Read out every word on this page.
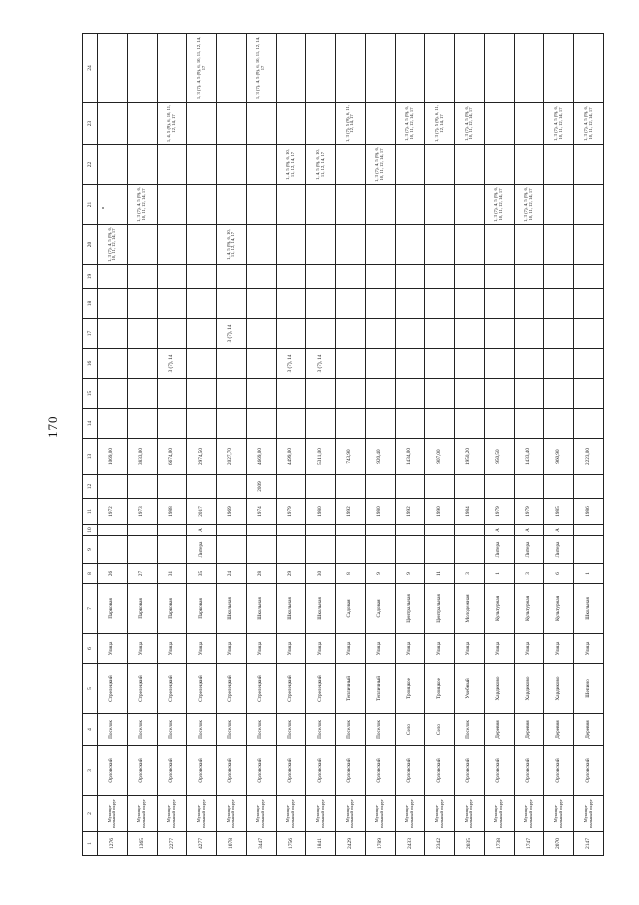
170
1	2	3	4	5	6	7	8	9	10	11	12	13	14	15	16	17	18	19	20	21	22	23	24
1276	Муници-пальный округ	Орловский	Поселок	Стрелецкий	Улица	Парковая	26			1972		1069,00							1, 3 (7), 4, 5 (9), 6, 10, 11, 12, 14, 17				
1365	Муници-пальный округ	Орловский	Поселок	Стрелецкий	Улица	Парковая	27			1973		3833,00								1, 3 (7), 4, 5 (9), 6, 10, 11, 12, 14, 17			
2277	Муници-пальный округ	Орловский	Поселок	Стрелецкий	Улица	Парковая	31			1988		6674,00			3 (7), 14							1, 4, 5 (9), 6, 10, 11, 12, 14, 17	
4277	Муници-пальный округ	Орловский	Поселок	Стрелецкий	Улица	Парковая	35	Литера	А	2017		2974,50											1, 3 (7), 4, 5 (9), 6, 10, 11, 12, 14, 17
1078	Муници-пальный округ	Орловский	Поселок	Стрелецкий	Улица	Школьная	24			1969		2027,70				3 (7), 14			1, 4, 5 (9), 6, 10, 11, 12, 14, 17				
3447	Муници-пальный округ	Орловский	Поселок	Стрелецкий	Улица	Школьная	28			1974	2009	4669,00											1, 3 (7), 4, 5 (9), 6, 10, 11, 12, 14, 17
1756	Муници-пальный округ	Орловский	Поселок	Стрелецкий	Улица	Школьная	29			1979		4499,00			3 (7), 14						1, 4, 5 (9), 6, 10, 11, 12, 14, 17		
1841	Муници-пальный округ	Орловский	Поселок	Стрелецкий	Улица	Школьная	30			1980		5311,00			3 (7), 14						1, 4, 5 (9), 6, 10, 11, 12, 14, 17		
2429	Муници-пальный округ	Орловский	Поселок	Тепличный	Улица	Cадовая	8			1992		743,90										1, 3 (7), 5 (9), 6, 11, 12, 14, 17	
1789	Муници-пальный округ	Орловский	Поселок	Тепличный	Улица	Садовая	9			1980		920,40									1, 3 (7), 4, 5 (9), 6, 10, 11, 12, 14, 17		
2433	Муници-пальный округ	Орловский	Село	Троицкое	Улица	Центральная	9			1992		1434,00										1, 3 (7), 4, 5 (9), 6, 10, 11, 12, 14, 17	
2342	Муници-пальный округ	Орловский	Село	Троицкое	Улица	Центральная	11			1990		907,00										1, 3 (7), 5 (9), 6, 11, 12, 14, 17	
2035	Муници-пальный округ	Орловский	Поселок	Учебный	Улица	Молодежная	3			1984		1950,20										1, 3 (7), 4, 5 (9), 6, 10, 11, 12, 14, 17	
1738	Муници-пальный округ	Орловский	Деревня	Хардиково	Улица	Культурная	1	Литера	А	1979		950,50								1, 3 (7), 4, 5 (9), 6, 10, 11, 12, 14, 17			
1747	Муници-пальный округ	Орловский	Деревня	Хардиково	Улица	Культурная	3	Литера	А	1979		1433,40								1, 3 (7), 4, 5 (9), 6, 10, 11, 12, 14, 17			
2070	Муници-пальный округ	Орловский	Деревня	Хардиково	Улица	Культурная	6	Литера	А	1985		960,90										1, 3 (7), 4, 5 (9), 6, 10, 11, 12, 14, 17	
2147	Муници-пальный округ	Орловский	Деревня	Шепино	Улица	Школьная	1			1986		2223,00										1, 3 (7), 4, 5 (9), 6, 10, 11, 12, 14, 17	
